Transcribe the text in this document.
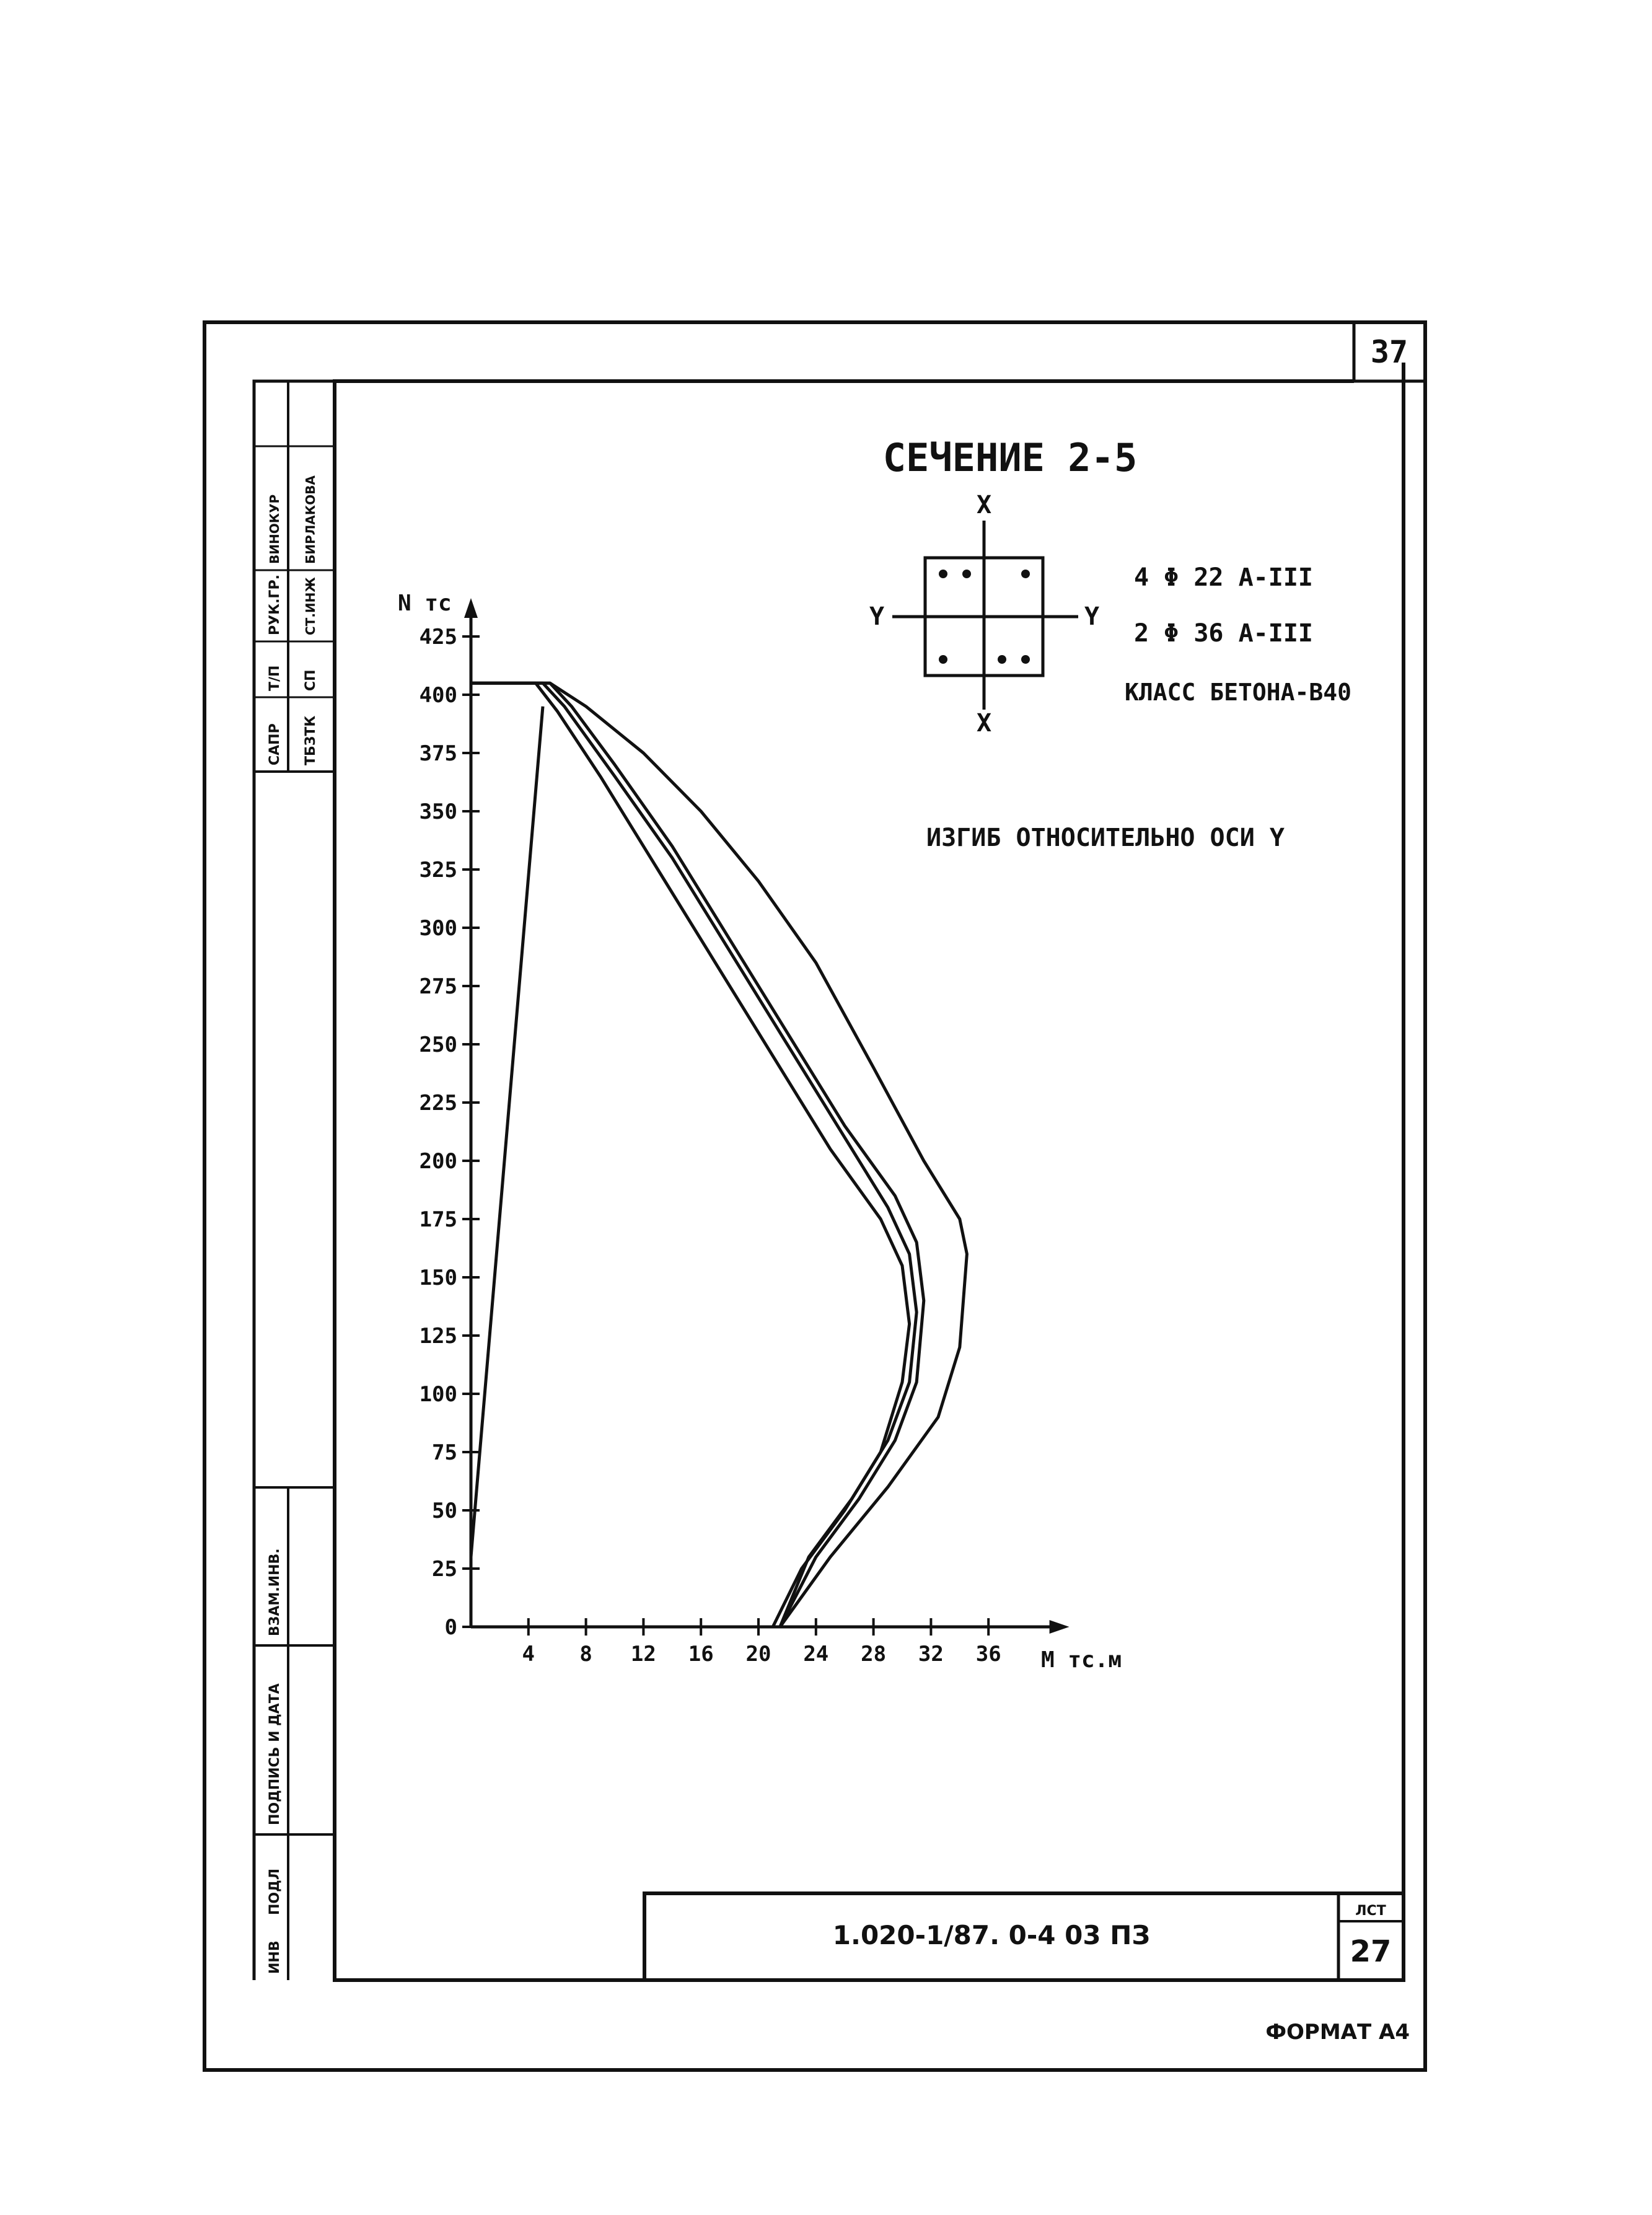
САПР
Т/П
РУК.ГР.
ВИНОКУР
ТБЗТК
СП
СТ.ИНЖ
БИРЛАКОВА
ИНВ
ПОДЛ
ПОДПИСЬ И ДАТА
ВЗАМ.ИНВ.
37
СЕЧЕНИЕ 2-5
X
X
Y	Y
4 Φ 22 A-III
2 Φ 36 A-III
КЛАСС БЕТОНА-В40
ИЗГИБ ОТНОСИТЕЛЬНО ОСИ Y
0
25
50
75
100
125
150
175
200
225
250
275
300
325
350
375
400
425
4 8 12 16 20 24 28 32 36
N тс
M тс.м
1.020-1/87. 0-4 03 ПЗ
ЛСТ
27
ФОРМАТ А4
